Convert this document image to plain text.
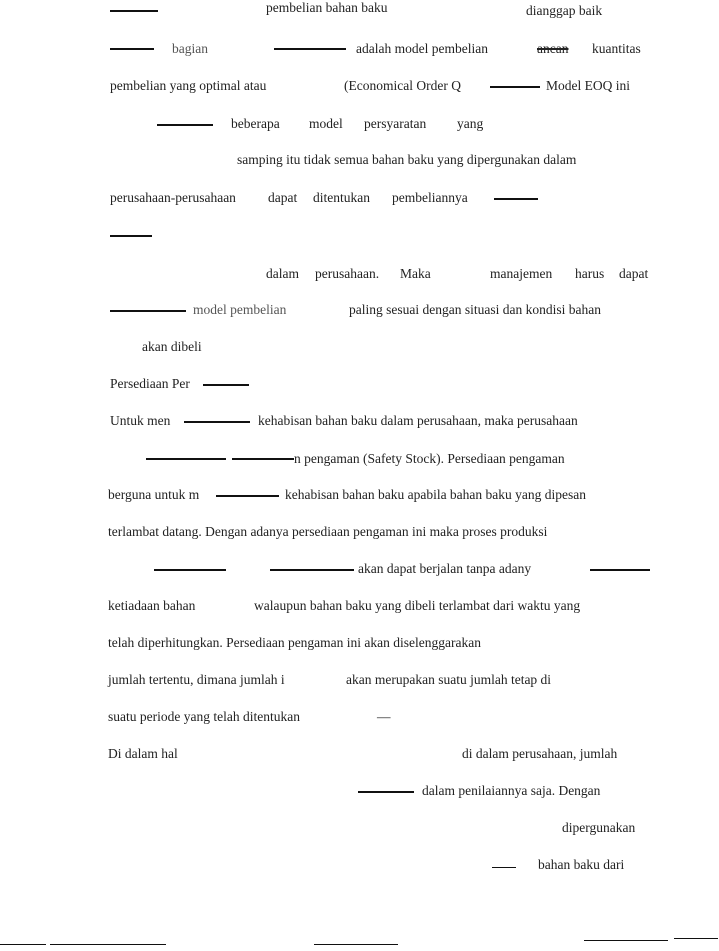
pembelian bahan baku	dianggap baik
bagian	adalah model pembelian	ancan kuantitas
pembelian yang optimal atau	(Economical Order Q	Model EOQ ini
beberapa model persyaratan yang
samping itu tidak semua bahan baku yang dipergunakan dalam
perusahaan-perusahaan dapat ditentukan pembeliannya
dalam perusahaan. Maka	manajemen harus dapat
model pembelian	paling sesuai dengan situasi dan kondisi bahan
akan dibeli
Persediaan Per
Untuk men	kehabisan bahan baku dalam perusahaan, maka perusahaan
n pengaman (Safety Stock). Persediaan pengaman
berguna untuk m	kehabisan bahan baku apabila bahan baku yang dipesan
terlambat datang. Dengan adanya persediaan pengaman ini maka proses produksi
akan dapat berjalan tanpa adany
ketiadaan bahan	walaupun bahan baku yang dibeli terlambat dari waktu yang
telah diperhitungkan. Persediaan pengaman ini akan diselenggarakan
jumlah tertentu, dimana jumlah i	akan merupakan suatu jumlah tetap di
suatu periode yang telah ditentukan	—
Di dalam hal	di dalam perusahaan, jumlah
dalam penilaiannya saja. Dengan
dipergunakan
bahan baku dari
